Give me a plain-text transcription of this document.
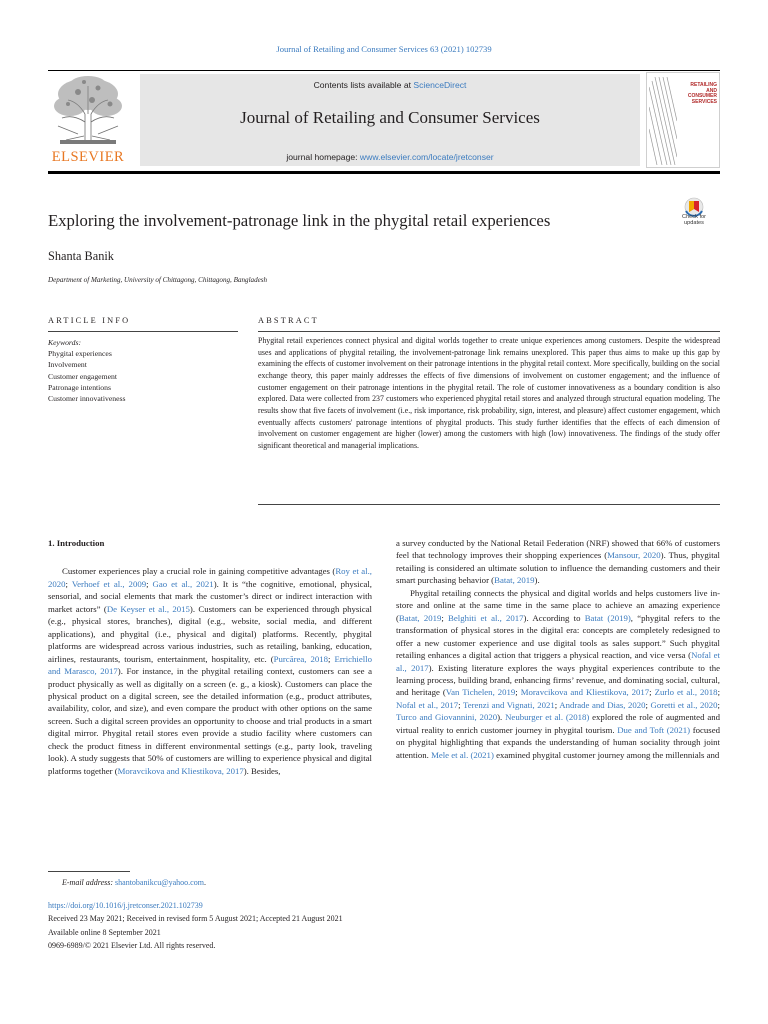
Journal of Retailing and Consumer Services 63 (2021) 102739
ELSEVIER
Contents lists available at ScienceDirect
Journal of Retailing and Consumer Services
journal homepage: www.elsevier.com/locate/jretconser
RETAILING
AND
CONSUMER
SERVICES
Exploring the involvement-patronage link in the phygital retail experiences	Check for
updates
Shanta Banik
Department of Marketing, University of Chittagong, Chittagong, Bangladesh
ARTICLE INFO	ABSTRACT
Keywords:
Phygital experiences
Involvement
Customer engagement
Patronage intentions
Customer innovativeness

Phygital retail experiences connect physical and digital worlds together to create unique experiences among customers. Despite the widespread uses and applications of phygital retailing, the involvement-patronage link remains unexplored. This paper thus aims to make up this gap by examining the effects of customer involvement on their patronage intentions in the phygital retail context. More specifically, building on the social exchange theory, this paper mainly addresses the effects of five dimensions of involvement on customer engagement; and the influence of customer engagement on their patronage intentions in the phygital retail. The role of customer innovativeness as a boundary condition is also explored. Data were collected from 237 customers who experienced phygital retail stores and analyzed through structural equation modeling. The results show that five facets of involvement (i.e., risk importance, risk probability, sign, interest, and pleasure) affect customer engagement, which eventually affects customers' patronage intentions of phygital products. This study further identifies that the effects of each dimension of involvement on customer engagement are higher (lower) among the customers with high (low) innovativeness. The findings of the study offer significant theoretical and managerial implications.

1. Introduction

Customer experiences play a crucial role in gaining competitive advantages (Roy et al., 2020; Verhoef et al., 2009; Gao et al., 2021). It is “the cognitive, emotional, physical, sensorial, and social elements that mark the customer’s direct or indirect interaction with market actors” (De Keyser et al., 2015). Customers can be experienced through physical (e.g., physical stores, branches), digital (e.g., website, social media, and different applications), and phygital (i.e., physical and digital) platforms. Recently, phygital platforms are widespread across various industries, such as retailing, banking, education, airlines, restaurants, tourism, entertainment, hospitality, etc. (Purcărea, 2018; Errichiello and Marasco, 2017). For instance, in the phygital retailing context, customers can see a product physically as well as digitally on a screen (e. g., a kiosk). Customers can place the physical product on a digital screen, see the detailed information (e.g., product attributes, availability, color, and size), and even compare the product with other options on the same screen. Such a digital screen provides an opportunity to choose and trial products in a smart digital mirror. Phygital retail stores even provide a studio facility where customers can check the product fitness in different environmental settings (e.g., party look, traveling look). A study suggests that 50% of customers are willing to experience physical and digital platforms together (Moravcikova and Kliestikova, 2017). Besides,

a survey conducted by the National Retail Federation (NRF) showed that 66% of customers feel that technology improves their shopping experiences (Mansour, 2020). Thus, phygital retailing is considered an ultimate solution to influence the demanding customers and their smart purchasing behavior (Batat, 2019).

Phygital retailing connects the physical and digital worlds and helps customers live in-store and online at the same time in the same place to achieve an amazing experience (Batat, 2019; Belghiti et al., 2017). According to Batat (2019), “phygital refers to the transformation of physical stores in the digital era: concepts are completely redesigned to offer a new customer experience and use digital tools as sales support.” Such phygital retailing enhances a digital action that triggers a physical reaction, and vice versa (Nofal et al., 2017). Existing literature explores the ways phygital experiences contribute to the learning process, building brand, enhancing firms’ revenue, and dominating social, cultural, and heritage (Van Tichelen, 2019; Moravcikova and Kliestikova, 2017; Zurlo et al., 2018; Nofal et al., 2017; Terenzi and Vignati, 2021; Andrade and Dias, 2020; Goretti et al., 2020; Turco and Giovannini, 2020). Neuburger et al. (2018) explored the role of augmented and virtual reality to enrich customer journey in phygital tourism. Due and Toft (2021) focused on phygital highlighting that expands the understanding of human sociality through joint attention. Mele et al. (2021) examined phygital customer journey among the millennials and

E-mail address: shantobanikcu@yahoo.com.
https://doi.org/10.1016/j.jretconser.2021.102739
Received 23 May 2021; Received in revised form 5 August 2021; Accepted 21 August 2021
Available online 8 September 2021
0969-6989/© 2021 Elsevier Ltd. All rights reserved.
